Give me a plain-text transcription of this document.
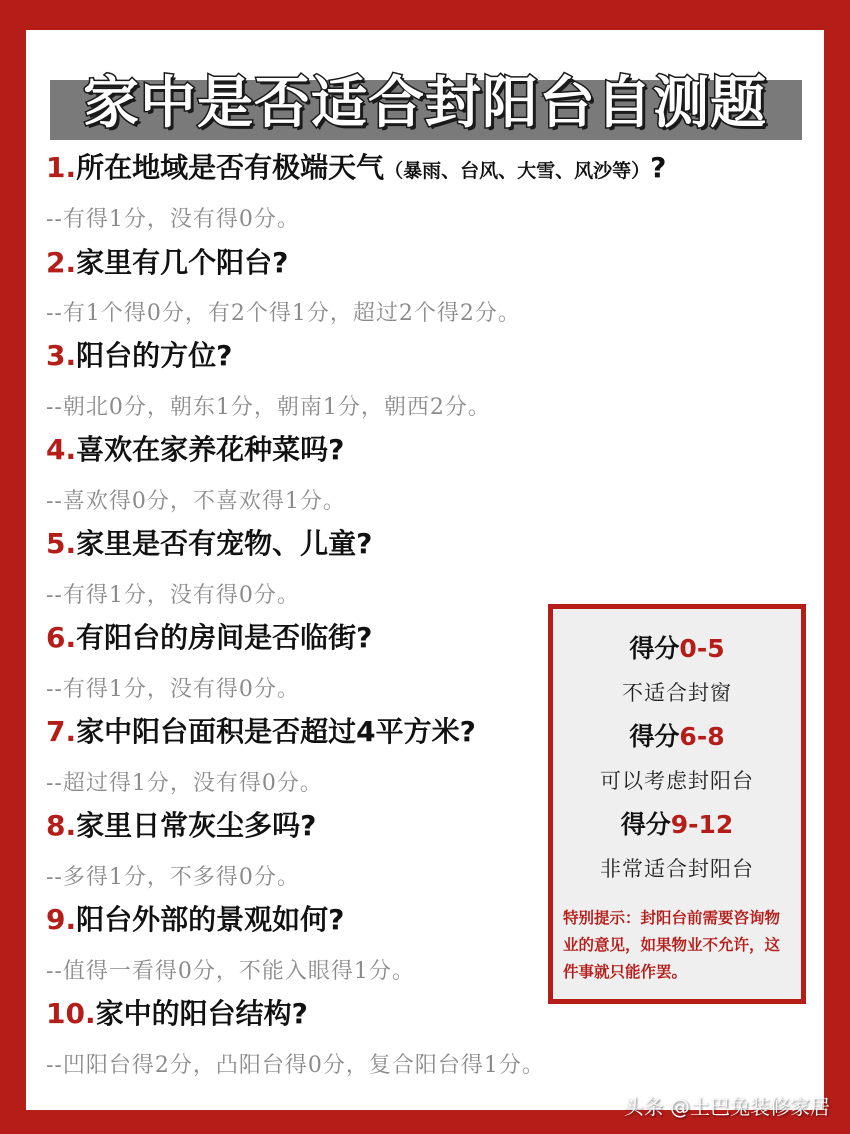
家中是否适合封阳台自测题
1.所在地域是否有极端天气（暴雨、台风、大雪、风沙等）?
--有得1分，没有得0分。
2.家里有几个阳台?
--有1个得0分，有2个得1分，超过2个得2分。
3.阳台的方位?
--朝北0分，朝东1分，朝南1分，朝西2分。
4.喜欢在家养花种菜吗?
--喜欢得0分，不喜欢得1分。
5.家里是否有宠物、儿童?
--有得1分，没有得0分。
6.有阳台的房间是否临街?
--有得1分，没有得0分。
7.家中阳台面积是否超过4平方米?
--超过得1分，没有得0分。
8.家里日常灰尘多吗?
--多得1分，不多得0分。
9.阳台外部的景观如何?
--值得一看得0分，不能入眼得1分。
10.家中的阳台结构?
--凹阳台得2分，凸阳台得0分，复合阳台得1分。
得分0-5
不适合封窗
得分6-8
可以考虑封阳台
得分9-12
非常适合封阳台
特别提示：封阳台前需要咨询物业的意见，如果物业不允许，这件事就只能作罢。
头条 @土巴兔装修家居
